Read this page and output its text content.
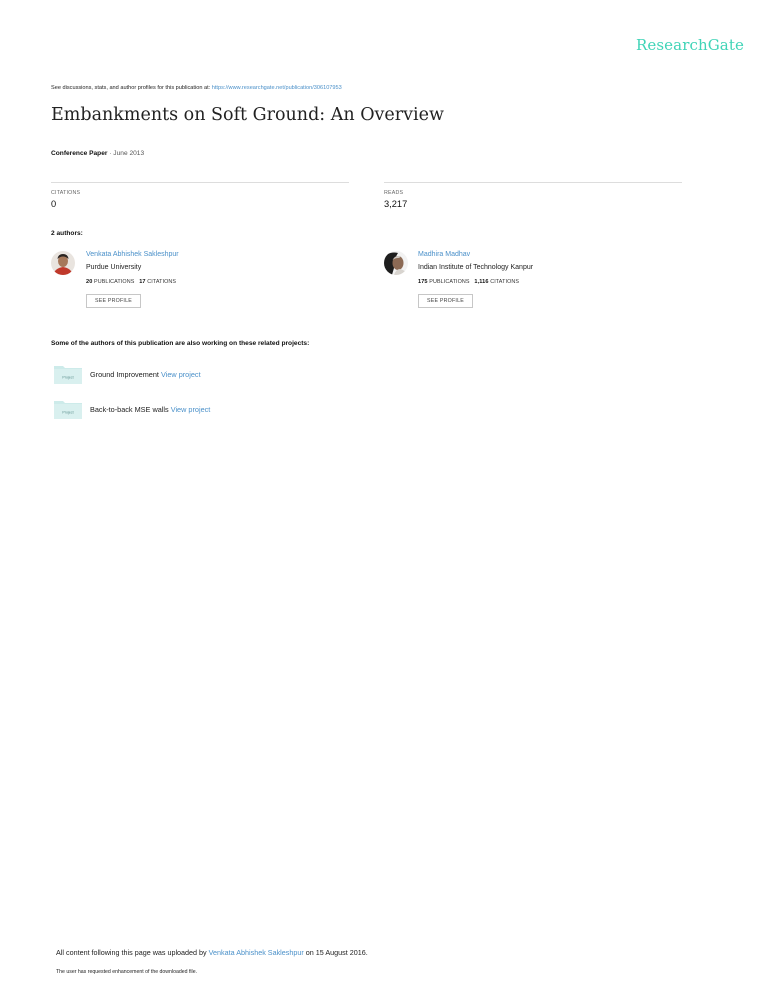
ResearchGate
See discussions, stats, and author profiles for this publication at: https://www.researchgate.net/publication/306107953
Embankments on Soft Ground: An Overview
Conference Paper · June 2013
CITATIONS
0
READS
3,217
2 authors:
Venkata Abhishek Sakleshpur
Purdue University
20 PUBLICATIONS 17 CITATIONS
SEE PROFILE
Madhira Madhav
Indian Institute of Technology Kanpur
175 PUBLICATIONS 1,116 CITATIONS
SEE PROFILE
Some of the authors of this publication are also working on these related projects:
Project Ground Improvement View project
Project Back-to-back MSE walls View project
All content following this page was uploaded by Venkata Abhishek Sakleshpur on 15 August 2016.
The user has requested enhancement of the downloaded file.
